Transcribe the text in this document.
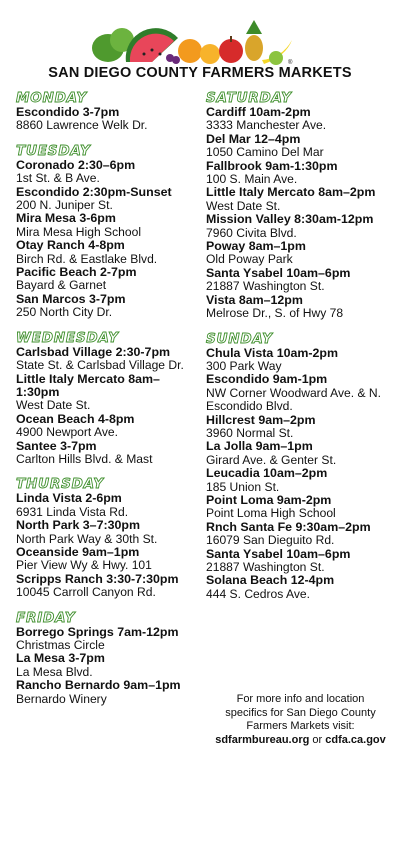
®
SAN DIEGO COUNTY FARMERS MARKETS
MONDAY
Escondido 3-7pm
8860 Lawrence Welk Dr.
TUESDAY
Coronado 2:30–6pm
1st St. & B Ave.
Escondido 2:30pm-Sunset
200 N. Juniper St.
Mira Mesa 3-6pm
Mira Mesa High School
Otay Ranch 4-8pm
Birch Rd. & Eastlake Blvd.
Pacific Beach 2-7pm
Bayard & Garnet
San Marcos 3-7pm
250 North City Dr.
WEDNESDAY
Carlsbad Village 2:30-7pm
State St. & Carlsbad Village Dr.
Little Italy Mercato 8am–1:30pm
West Date St.
Ocean Beach 4-8pm
4900 Newport Ave.
Santee 3-7pm
Carlton Hills Blvd. & Mast
THURSDAY
Linda Vista 2-6pm
6931 Linda Vista Rd.
North Park 3–7:30pm
North Park Way & 30th St.
Oceanside 9am–1pm
Pier View Wy & Hwy. 101
Scripps Ranch 3:30-7:30pm
10045 Carroll Canyon Rd.
FRIDAY
Borrego Springs 7am-12pm
Christmas Circle
La Mesa 3-7pm
La Mesa Blvd.
Rancho Bernardo 9am–1pm
Bernardo Winery
SATURDAY
Cardiff 10am-2pm
3333 Manchester Ave.
Del Mar 12–4pm
1050 Camino Del Mar
Fallbrook 9am-1:30pm
100 S. Main Ave.
Little Italy Mercato 8am–2pm
West Date St.
Mission Valley 8:30am-12pm
7960 Civita Blvd.
Poway 8am–1pm
Old Poway Park
Santa Ysabel 10am–6pm
21887 Washington St.
Vista 8am–12pm
Melrose Dr., S. of Hwy 78
SUNDAY
Chula Vista 10am-2pm
300 Park Way
Escondido 9am-1pm
NW Corner Woodward Ave. & N. Escondido Blvd.
Hillcrest 9am–2pm
3960 Normal St.
La Jolla 9am–1pm
Girard Ave. & Genter St.
Leucadia 10am–2pm
185 Union St.
Point Loma 9am-2pm
Point Loma High School
Rnch Santa Fe 9:30am–2pm
16079 San Dieguito Rd.
Santa Ysabel 10am–6pm
21887 Washington St.
Solana Beach 12-4pm
444 S. Cedros Ave.
For more info and location
specifics for San Diego County
Farmers Markets visit:
sdfarmbureau.org or cdfa.ca.gov
